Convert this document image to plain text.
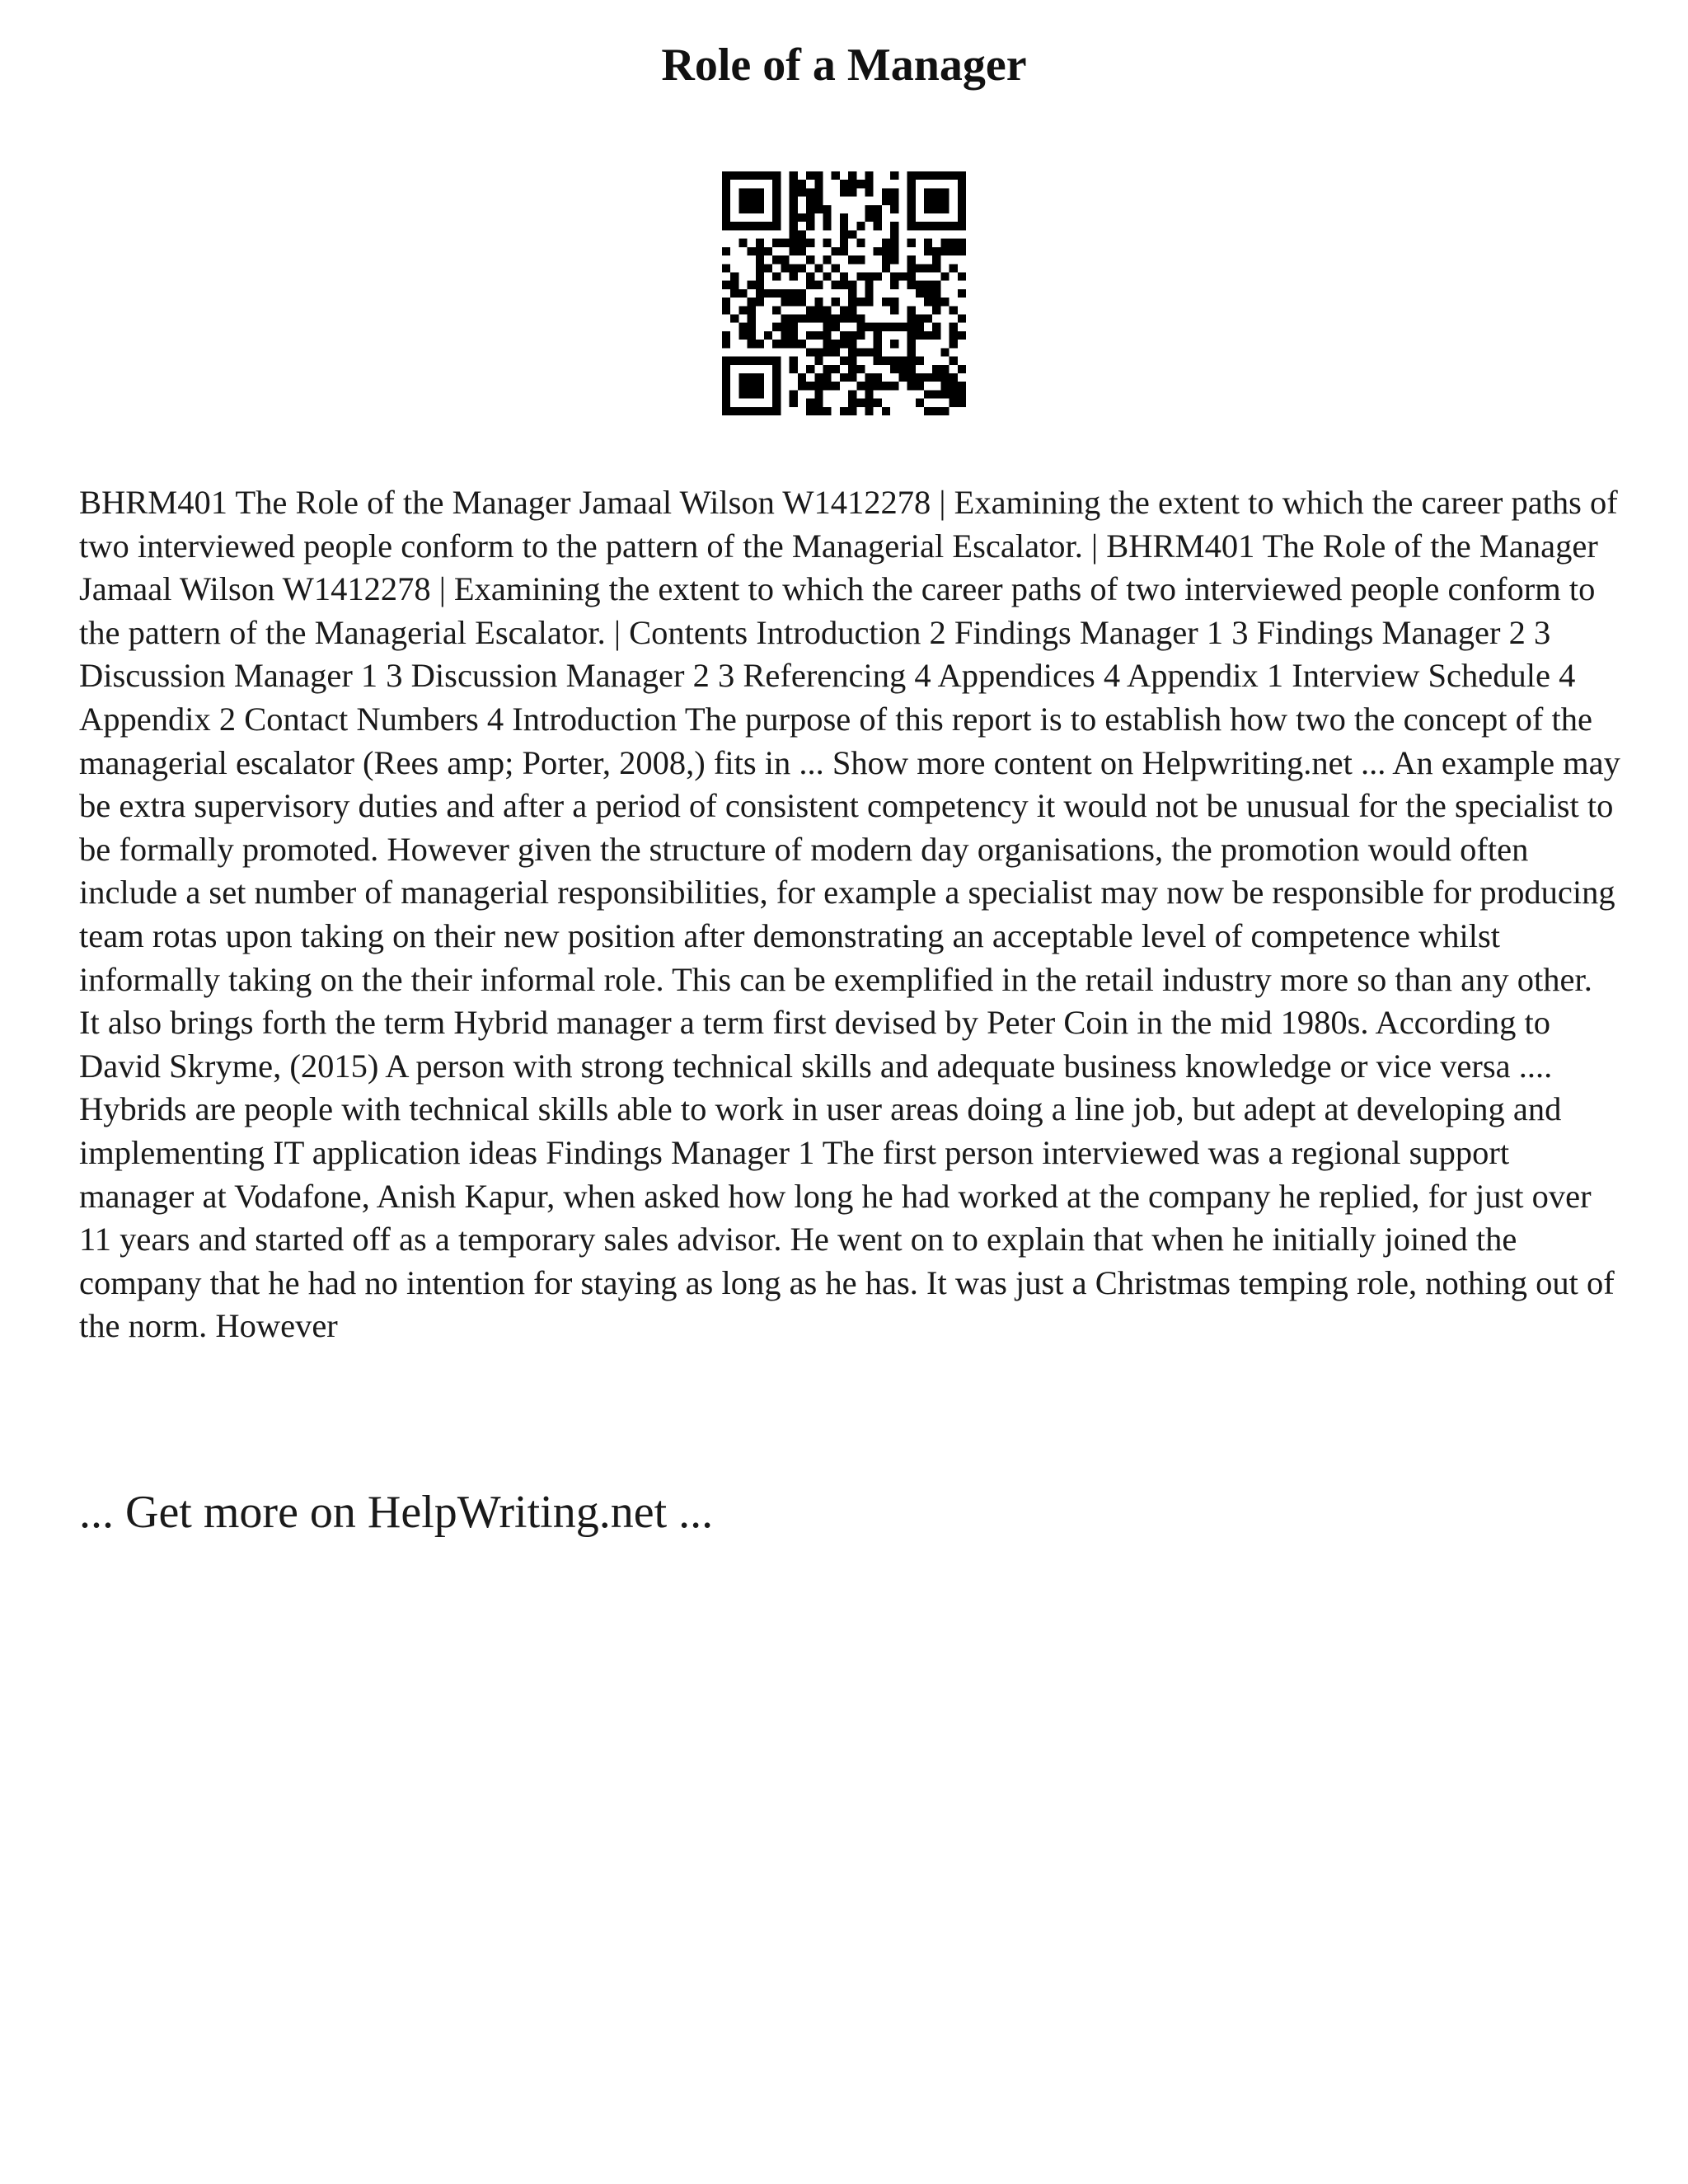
Role of a Manager

BHRM401 The Role of the Manager Jamaal Wilson W1412278 | Examining the extent to which the career paths of two interviewed people conform to the pattern of the Managerial Escalator. | BHRM401 The Role of the Manager Jamaal Wilson W1412278 | Examining the extent to which the career paths of two interviewed people conform to the pattern of the Managerial Escalator. | Contents Introduction 2 Findings Manager 1 3 Findings Manager 2 3 Discussion Manager 1 3 Discussion Manager 2 3 Referencing 4 Appendices 4 Appendix 1 Interview Schedule 4 Appendix 2 Contact Numbers 4 Introduction The purpose of this report is to establish how two the concept of the managerial escalator (Rees amp; Porter, 2008,) fits in ... Show more content on Helpwriting.net ... An example may be extra supervisory duties and after a period of consistent competency it would not be unusual for the specialist to be formally promoted. However given the structure of modern day organisations, the promotion would often include a set number of managerial responsibilities, for example a specialist may now be responsible for producing team rotas upon taking on their new position after demonstrating an acceptable level of competence whilst informally taking on the their informal role. This can be exemplified in the retail industry more so than any other. It also brings forth the term Hybrid manager a term first devised by Peter Coin in the mid 1980s. According to David Skryme, (2015) A person with strong technical skills and adequate business knowledge or vice versa .... Hybrids are people with technical skills able to work in user areas doing a line job, but adept at developing and implementing IT application ideas Findings Manager 1 The first person interviewed was a regional support manager at Vodafone, Anish Kapur, when asked how long he had worked at the company he replied, for just over 11 years and started off as a temporary sales advisor. He went on to explain that when he initially joined the company that he had no intention for staying as long as he has. It was just a Christmas temping role, nothing out of the norm. However

... Get more on HelpWriting.net ...
